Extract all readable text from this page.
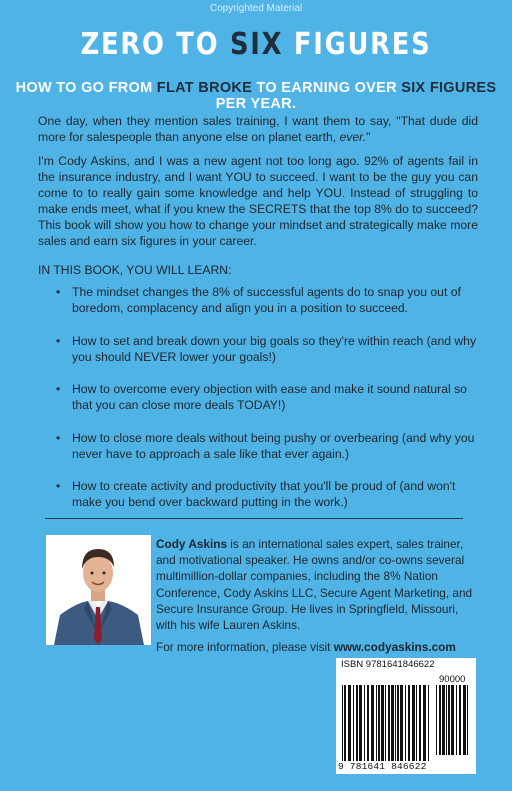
Copyrighted Material
ZERO TO SIX FIGURES
HOW TO GO FROM FLAT BROKE TO EARNING OVER SIX FIGURES PER YEAR.
One day, when they mention sales training, I want them to say, "That dude did more for salespeople than anyone else on planet earth, ever."
I'm Cody Askins, and I was a new agent not too long ago. 92% of agents fail in the insurance industry, and I want YOU to succeed. I want to be the guy you can come to to really gain some knowledge and help YOU. Instead of struggling to make ends meet, what if you knew the SECRETS that the top 8% do to succeed? This book will show you how to change your mindset and strategically make more sales and earn six figures in your career.
IN THIS BOOK, YOU WILL LEARN:
• The mindset changes the 8% of successful agents do to snap you out of boredom, complacency and align you in a position to succeed.
• How to set and break down your big goals so they're within reach (and why you should NEVER lower your goals!)
• How to overcome every objection with ease and make it sound natural so that you can close more deals TODAY!)
• How to close more deals without being pushy or overbearing (and why you never have to approach a sale like that ever again.)
• How to create activity and productivity that you'll be proud of (and won't make you bend over backward putting in the work.)
Cody Askins is an international sales expert, sales trainer, and motivational speaker. He owns and/or co-owns several multimillion-dollar companies, including the 8% Nation Conference, Cody Askins LLC, Secure Agent Marketing, and Secure Insurance Group. He lives in Springfield, Missouri, with his wife Lauren Askins.
For more information, please visit www.codyaskins.com
ISBN 9781641846622
90000
9 781641 846622
